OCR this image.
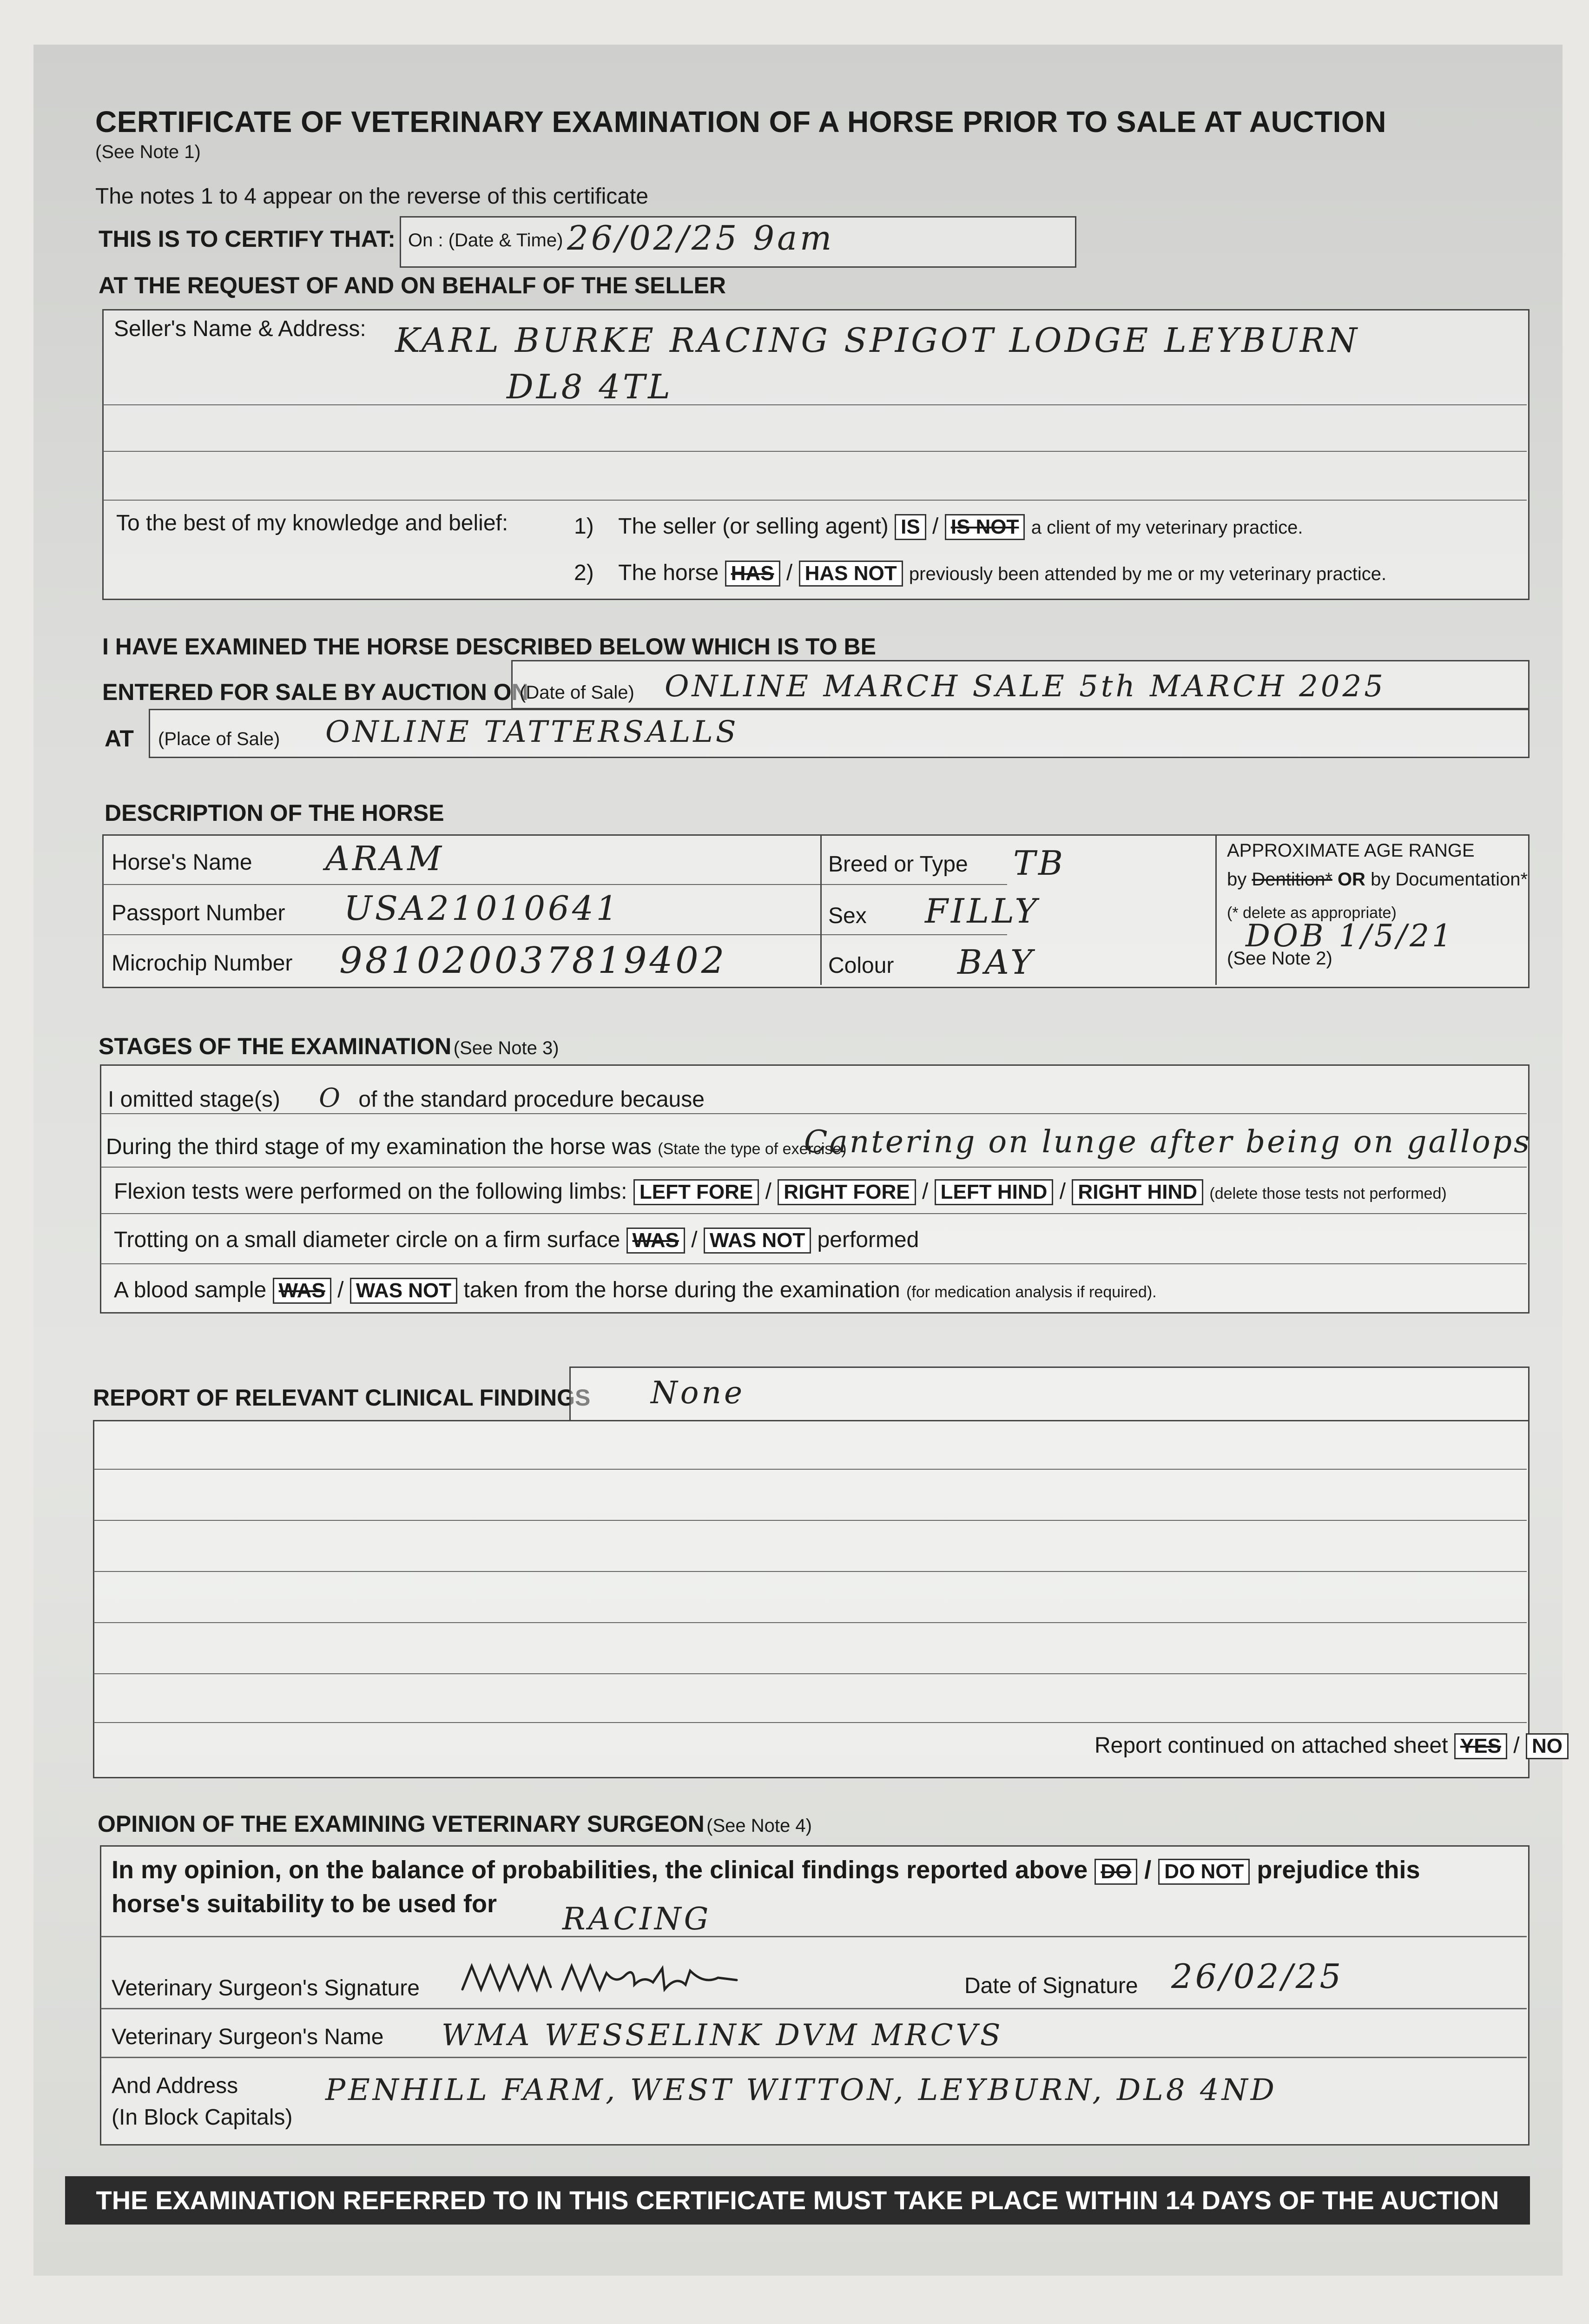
CERTIFICATE OF VETERINARY EXAMINATION OF A HORSE PRIOR TO SALE AT AUCTION
(See Note 1)
The notes 1 to 4 appear on the reverse of this certificate
THIS IS TO CERTIFY THAT: On : (Date & Time) 26/02/25 9am
AT THE REQUEST OF AND ON BEHALF OF THE SELLER
Seller's Name & Address: KARL BURKE RACING SPIGOT LODGE LEYBURN
DL8 4TL
To the best of my knowledge and belief:	1) The seller (or selling agent) IS / IS NOT a client of my veterinary practice.
2) The horse HAS / HAS NOT previously been attended by me or my veterinary practice.
I HAVE EXAMINED THE HORSE DESCRIBED BELOW WHICH IS TO BE
ENTERED FOR SALE BY AUCTION ON
(Date of Sale) ONLINE MARCH SALE 5th MARCH 2025
AT (Place of Sale) ONLINE TATTERSALLS
DESCRIPTION OF THE HORSE
Horse's Name ARAM
Passport Number USA21010641
Microchip Number 981020037819402
Breed or Type TB
Sex FILLY
Colour BAY
APPROXIMATE AGE RANGE
by Dentition* OR by Documentation*
(* delete as appropriate)
(See Note 2)
DOB 1/5/21
STAGES OF THE EXAMINATION (See Note 3)
I omitted stage(s) O of the standard procedure because
During the third stage of my examination the horse was (State the type of exercise)
Cantering on lunge after being on gallops
Flexion tests were performed on the following limbs: LEFT FORE / RIGHT FORE / LEFT HIND / RIGHT HIND (delete those tests not performed)
Trotting on a small diameter circle on a firm surface WAS / WAS NOT performed
A blood sample WAS / WAS NOT taken from the horse during the examination (for medication analysis if required).
REPORT OF RELEVANT CLINICAL FINDINGS None
Report continued on attached sheet YES / NO
OPINION OF THE EXAMINING VETERINARY SURGEON (See Note 4)
In my opinion, on the balance of probabilities, the clinical findings reported above DO / DO NOT prejudice this
horse's suitability to be used for RACING
Veterinary Surgeon's Signature	Date of Signature 26/02/25
Veterinary Surgeon's Name WMA WESSELINK DVM MRCVS
And Address
(In Block Capitals)
PENHILL FARM, WEST WITTON, LEYBURN, DL8 4ND
THE EXAMINATION REFERRED TO IN THIS CERTIFICATE MUST TAKE PLACE WITHIN 14 DAYS OF THE AUCTION
